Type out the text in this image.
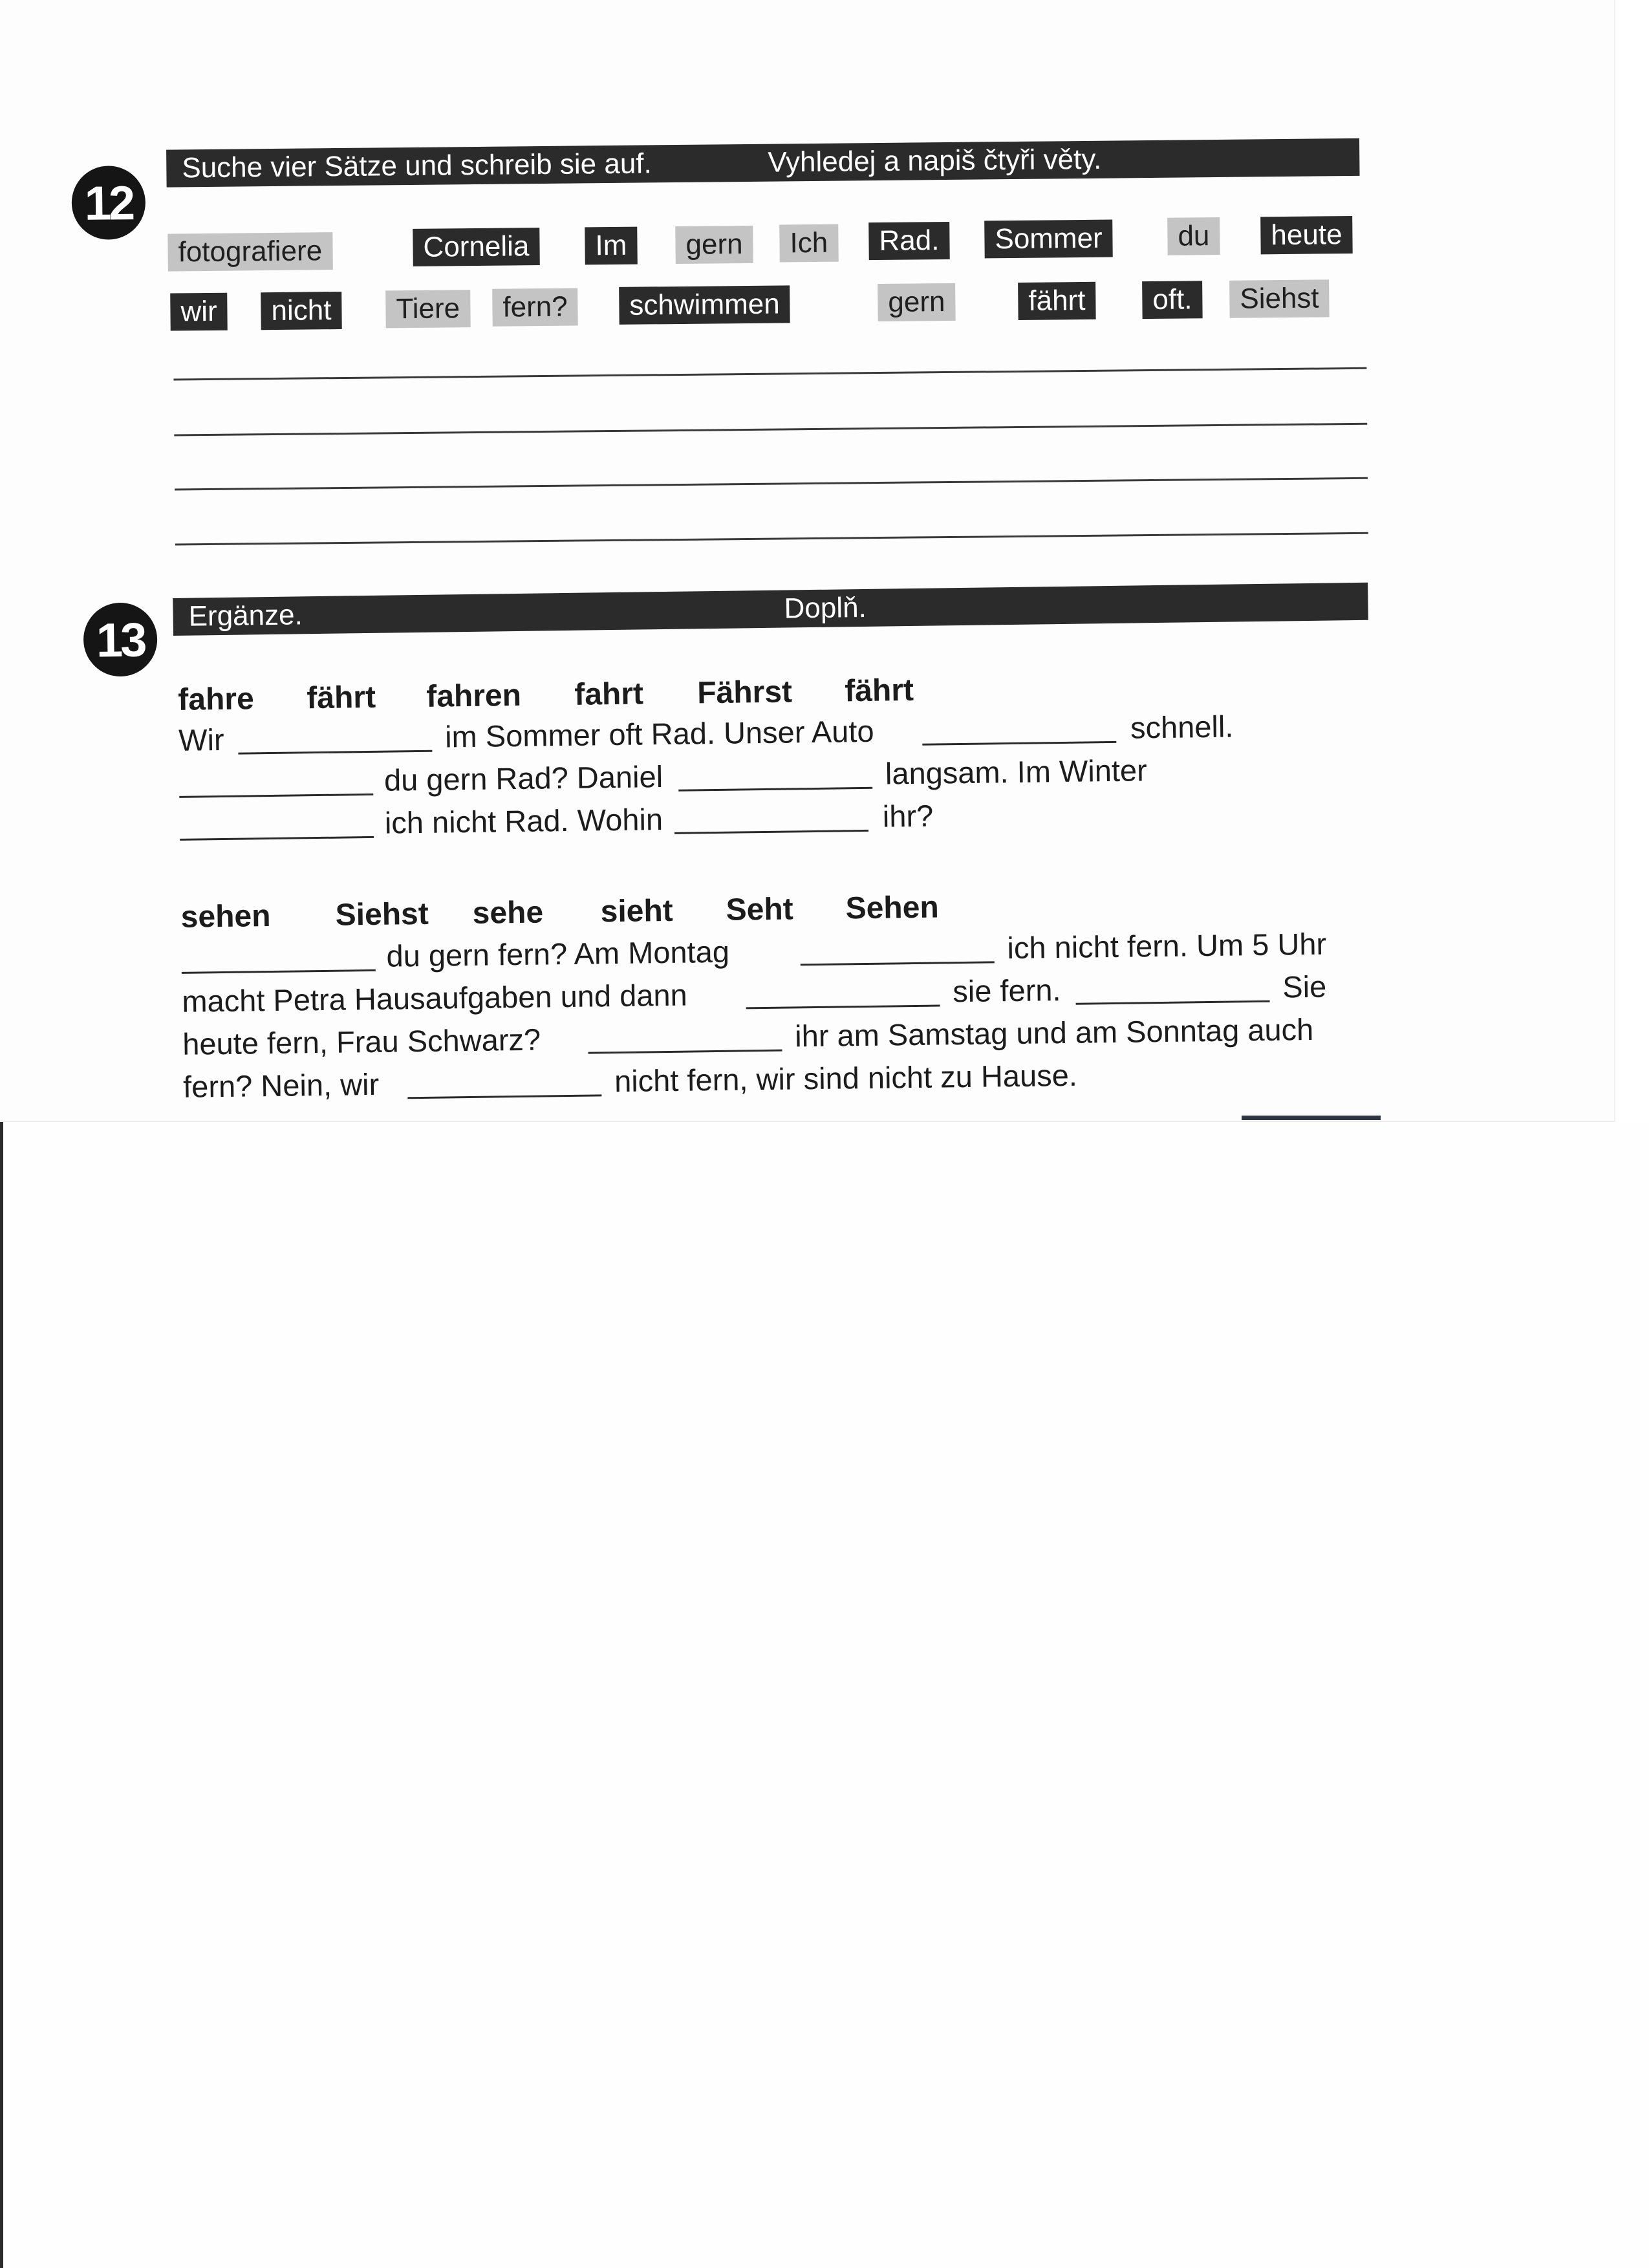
12
Suche vier Sätze und schreib sie auf.	Vyhledej a napiš čtyři věty.
fotografiere	Cornelia	Im	gern	Ich	Rad.	Sommer	du	heute
wir	nicht	Tiere	fern?	schwimmen	gern	fährt	oft.	Siehst
13	Ergänze.	Doplň.
fahre fährt fahren fahrt Fährst fährt
Wir	im Sommer oft Rad. Unser Auto	schnell.
du gern Rad? Daniel	langsam. Im Winter
ich nicht Rad. Wohin	ihr?
sehen Siehst sehe sieht Seht Sehen
du gern fern? Am Montag	ich nicht fern. Um 5 Uhr
macht Petra Hausaufgaben und dann	sie fern.	Sie
heute fern, Frau Schwarz?	ihr am Samstag und am Sonntag auch
fern? Nein, wir	nicht fern, wir sind nicht zu Hause.
